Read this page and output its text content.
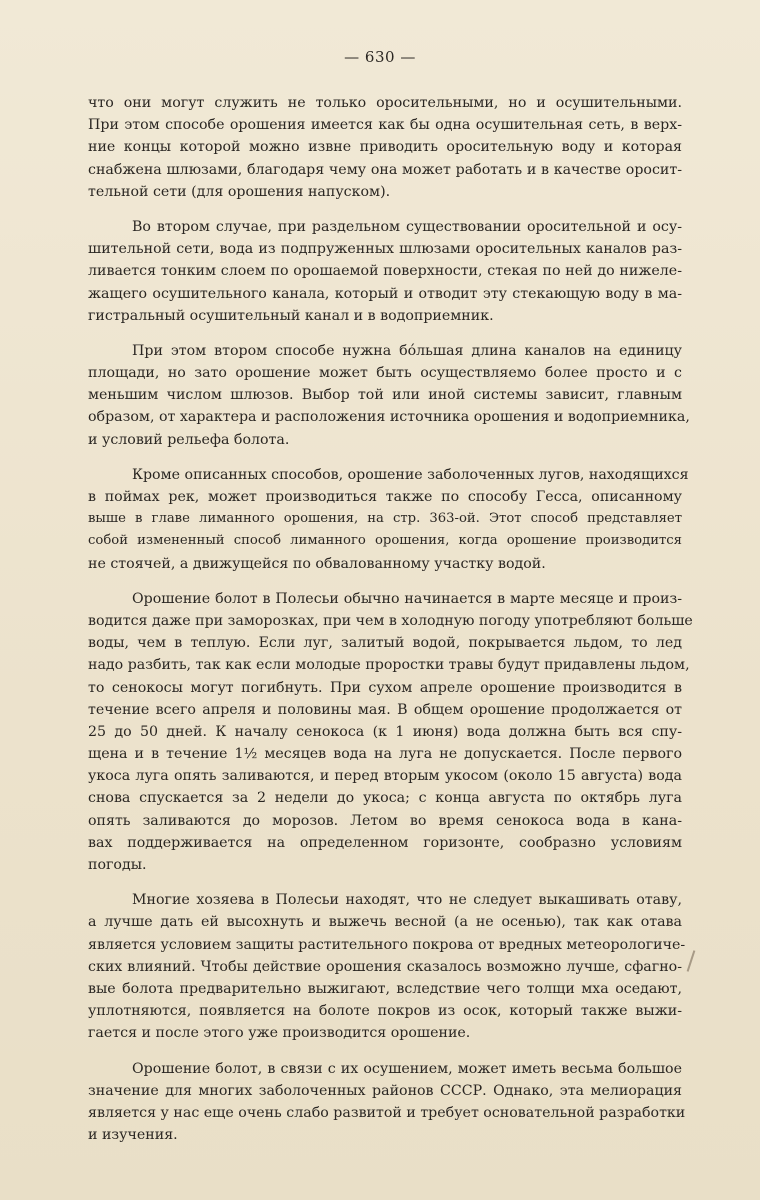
— 630 —
что они могут служить не только оросительными, но и осушительными.
При этом способе орошения имеется как бы одна осушительная сеть, в верх-
ние концы которой можно извне приводить оросительную воду и которая
снабжена шлюзами, благодаря чему она может работать и в качестве оросит-
тельной сети (для орошения напуском).
Во втором случае, при раздельном существовании оросительной и осу-
шительной сети, вода из подпруженных шлюзами оросительных каналов раз-
ливается тонким слоем по орошаемой поверхности, стекая по ней до нижеле-
жащего осушительного канала, который и отводит эту стекающую воду в ма-
гистральный осушительный канал и в водоприемник.
При этом втором способе нужна бóльшая длина каналов на единицу
площади, но зато орошение может быть осуществляемо более просто и с
меньшим числом шлюзов. Выбор той или иной системы зависит, главным
образом, от характера и расположения источника орошения и водоприемника,
и условий рельефа болота.
Кроме описанных способов, орошение заболоченных лугов, находящихся
в поймах рек, может производиться также по способу Гесса, описанному
выше в главе лиманного орошения, на стр. 363-ой. Этот способ представляет
собой измененный способ лиманного орошения, когда орошение производится
не стоячей, а движущейся по обвалованному участку водой.
Орошение болот в Полесьи обычно начинается в марте месяце и произ-
водится даже при заморозках, при чем в холодную погоду употребляют больше
воды, чем в теплую. Если луг, залитый водой, покрывается льдом, то лед
надо разбить, так как если молодые проростки травы будут придавлены льдом,
то сенокосы могут погибнуть. При сухом апреле орошение производится в
течение всего апреля и половины мая. В общем орошение продолжается от
25 до 50 дней. К началу сенокоса (к 1 июня) вода должна быть вся спу-
щена и в течение 1½ месяцев вода на луга не допускается. После первого
укоса луга опять заливаются, и перед вторым укосом (около 15 августа) вода
снова спускается за 2 недели до укоса; с конца августа по октябрь луга
опять заливаются до морозов. Летом во время сенокоса вода в кана-
вах поддерживается на определенном горизонте, сообразно условиям
погоды.
Многие хозяева в Полесьи находят, что не следует выкашивать отаву,
а лучше дать ей высохнуть и выжечь весной (а не осенью), так как отава
является условием защиты растительного покрова от вредных метеорологиче-
ских влияний. Чтобы действие орошения сказалось возможно лучше, сфагно-
вые болота предварительно выжигают, вследствие чего толщи мха оседают,
уплотняются, появляется на болоте покров из осок, который также выжи-
гается и после этого уже производится орошение.
Орошение болот, в связи с их осушением, может иметь весьма большое
значение для многих заболоченных районов СССР. Однако, эта мелиорация
является у нас еще очень слабо развитой и требует основательной разработки
и изучения.
